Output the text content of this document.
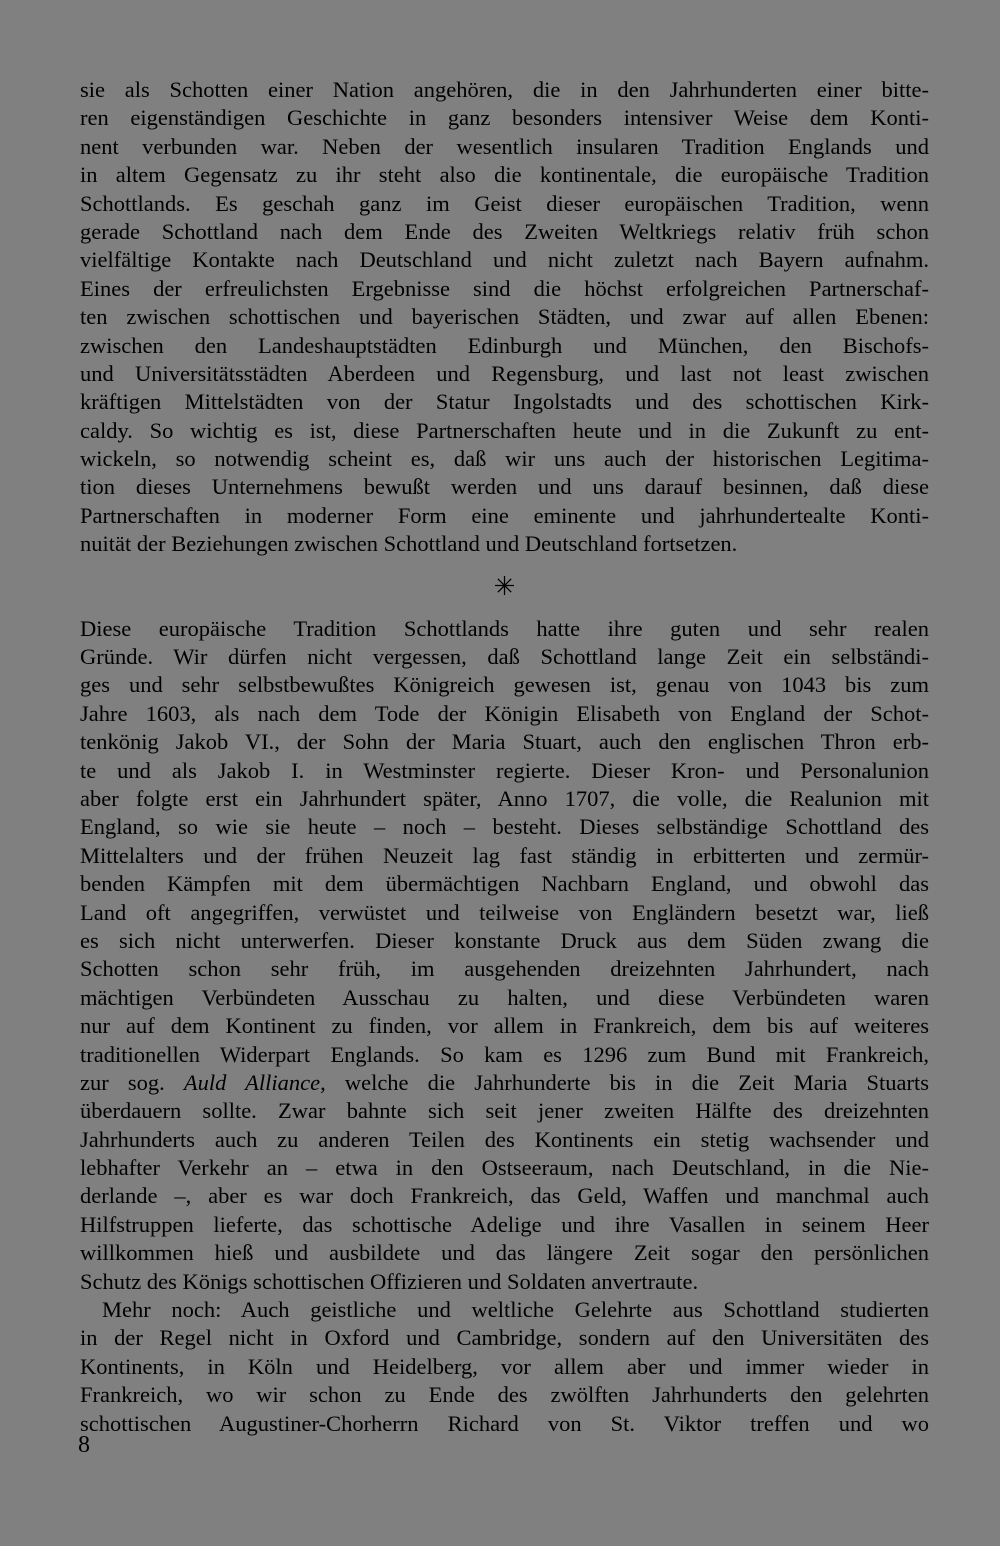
sie als Schotten einer Nation angehören, die in den Jahrhunderten einer bitte-
ren eigenständigen Geschichte in ganz besonders intensiver Weise dem Konti-
nent verbunden war. Neben der wesentlich insularen Tradition Englands und
in altem Gegensatz zu ihr steht also die kontinentale, die europäische Tradition
Schottlands. Es geschah ganz im Geist dieser europäischen Tradition, wenn
gerade Schottland nach dem Ende des Zweiten Weltkriegs relativ früh schon
vielfältige Kontakte nach Deutschland und nicht zuletzt nach Bayern aufnahm.
Eines der erfreulichsten Ergebnisse sind die höchst erfolgreichen Partnerschaf-
ten zwischen schottischen und bayerischen Städten, und zwar auf allen Ebenen:
zwischen den Landeshauptstädten Edinburgh und München, den Bischofs-
und Universitätsstädten Aberdeen und Regensburg, und last not least zwischen
kräftigen Mittelstädten von der Statur Ingolstadts und des schottischen Kirk-
caldy. So wichtig es ist, diese Partnerschaften heute und in die Zukunft zu ent-
wickeln, so notwendig scheint es, daß wir uns auch der historischen Legitima-
tion dieses Unternehmens bewußt werden und uns darauf besinnen, daß diese
Partnerschaften in moderner Form eine eminente und jahrhundertealte Konti-
nuität der Beziehungen zwischen Schottland und Deutschland fortsetzen.
✳
Diese europäische Tradition Schottlands hatte ihre guten und sehr realen
Gründe. Wir dürfen nicht vergessen, daß Schottland lange Zeit ein selbständi-
ges und sehr selbstbewußtes Königreich gewesen ist, genau von 1043 bis zum
Jahre 1603, als nach dem Tode der Königin Elisabeth von England der Schot-
tenkönig Jakob VI., der Sohn der Maria Stuart, auch den englischen Thron erb-
te und als Jakob I. in Westminster regierte. Dieser Kron- und Personalunion
aber folgte erst ein Jahrhundert später, Anno 1707, die volle, die Realunion mit
England, so wie sie heute – noch – besteht. Dieses selbständige Schottland des
Mittelalters und der frühen Neuzeit lag fast ständig in erbitterten und zermür-
benden Kämpfen mit dem übermächtigen Nachbarn England, und obwohl das
Land oft angegriffen, verwüstet und teilweise von Engländern besetzt war, ließ
es sich nicht unterwerfen. Dieser konstante Druck aus dem Süden zwang die
Schotten schon sehr früh, im ausgehenden dreizehnten Jahrhundert, nach
mächtigen Verbündeten Ausschau zu halten, und diese Verbündeten waren
nur auf dem Kontinent zu finden, vor allem in Frankreich, dem bis auf weiteres
traditionellen Widerpart Englands. So kam es 1296 zum Bund mit Frankreich,
zur sog. Auld Alliance, welche die Jahrhunderte bis in die Zeit Maria Stuarts
überdauern sollte. Zwar bahnte sich seit jener zweiten Hälfte des dreizehnten
Jahrhunderts auch zu anderen Teilen des Kontinents ein stetig wachsender und
lebhafter Verkehr an – etwa in den Ostseeraum, nach Deutschland, in die Nie-
derlande –, aber es war doch Frankreich, das Geld, Waffen und manchmal auch
Hilfstruppen lieferte, das schottische Adelige und ihre Vasallen in seinem Heer
willkommen hieß und ausbildete und das längere Zeit sogar den persönlichen
Schutz des Königs schottischen Offizieren und Soldaten anvertraute.
Mehr noch: Auch geistliche und weltliche Gelehrte aus Schottland studierten
in der Regel nicht in Oxford und Cambridge, sondern auf den Universitäten des
Kontinents, in Köln und Heidelberg, vor allem aber und immer wieder in
Frankreich, wo wir schon zu Ende des zwölften Jahrhunderts den gelehrten
schottischen Augustiner-Chorherrn Richard von St. Viktor treffen und wo
8
